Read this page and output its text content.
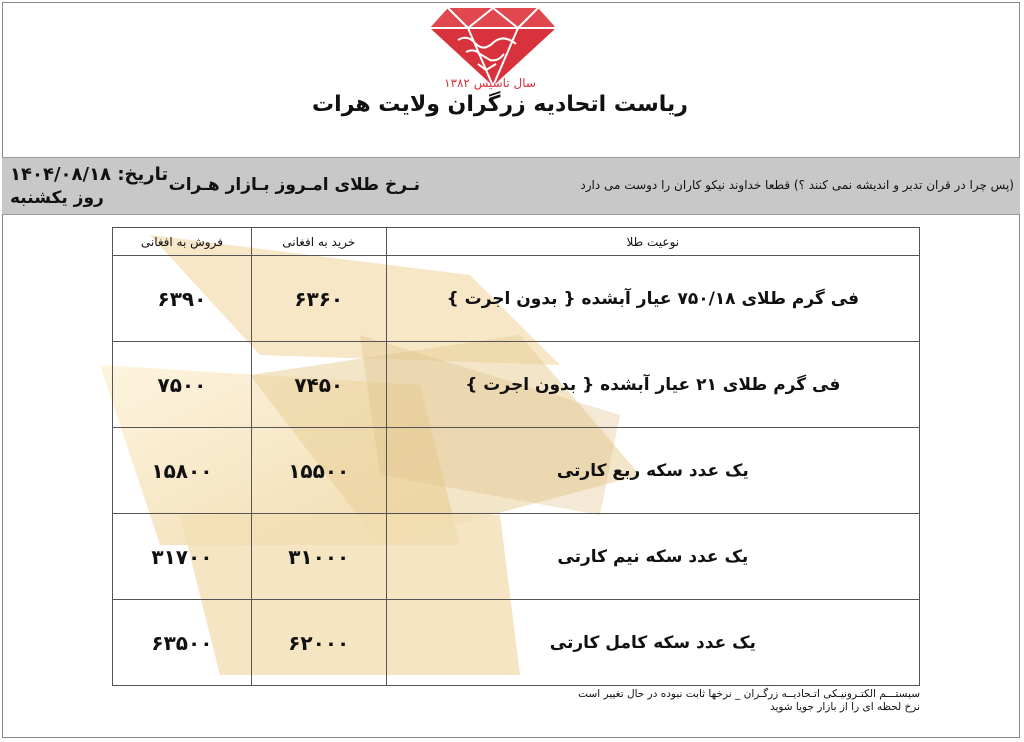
سال تاسیس ۱۳۸۲
ریاست اتحادیه زرگران ولایت هرات
تاریخ: ۱۴۰۴/۰۸/۱۸
روز یکشنبه
نـرخ طلای امـروز بـازار هـرات	(پس چرا در قران تدبر و اندیشه نمی کنند ؟) قطعا خداوند نیکو کاران را دوست می دارد
نوعیت طلا	خرید به افغانی	فروش به افغانی
فی گرم طلای ۷۵۰/۱۸ عیار آبشده { بدون اجرت }	۶۳۶۰	۶۳۹۰
فی گرم طلای ۲۱ عیار آبشده { بدون اجرت }	۷۴۵۰	۷۵۰۰
یک عدد سکه ربع کارتی	۱۵۵۰۰	۱۵۸۰۰
یک عدد سکه نیم کارتی	۳۱۰۰۰	۳۱۷۰۰
یک عدد سکه کامل کارتی	۶۲۰۰۰	۶۳۵۰۰
سیستـــم الکتـرونیـکی اتـحادیــه زرگـران _ نرخها ثابت نبوده در حال تغییر است
نرخ لحظه ای را از بازار جویا شوید
